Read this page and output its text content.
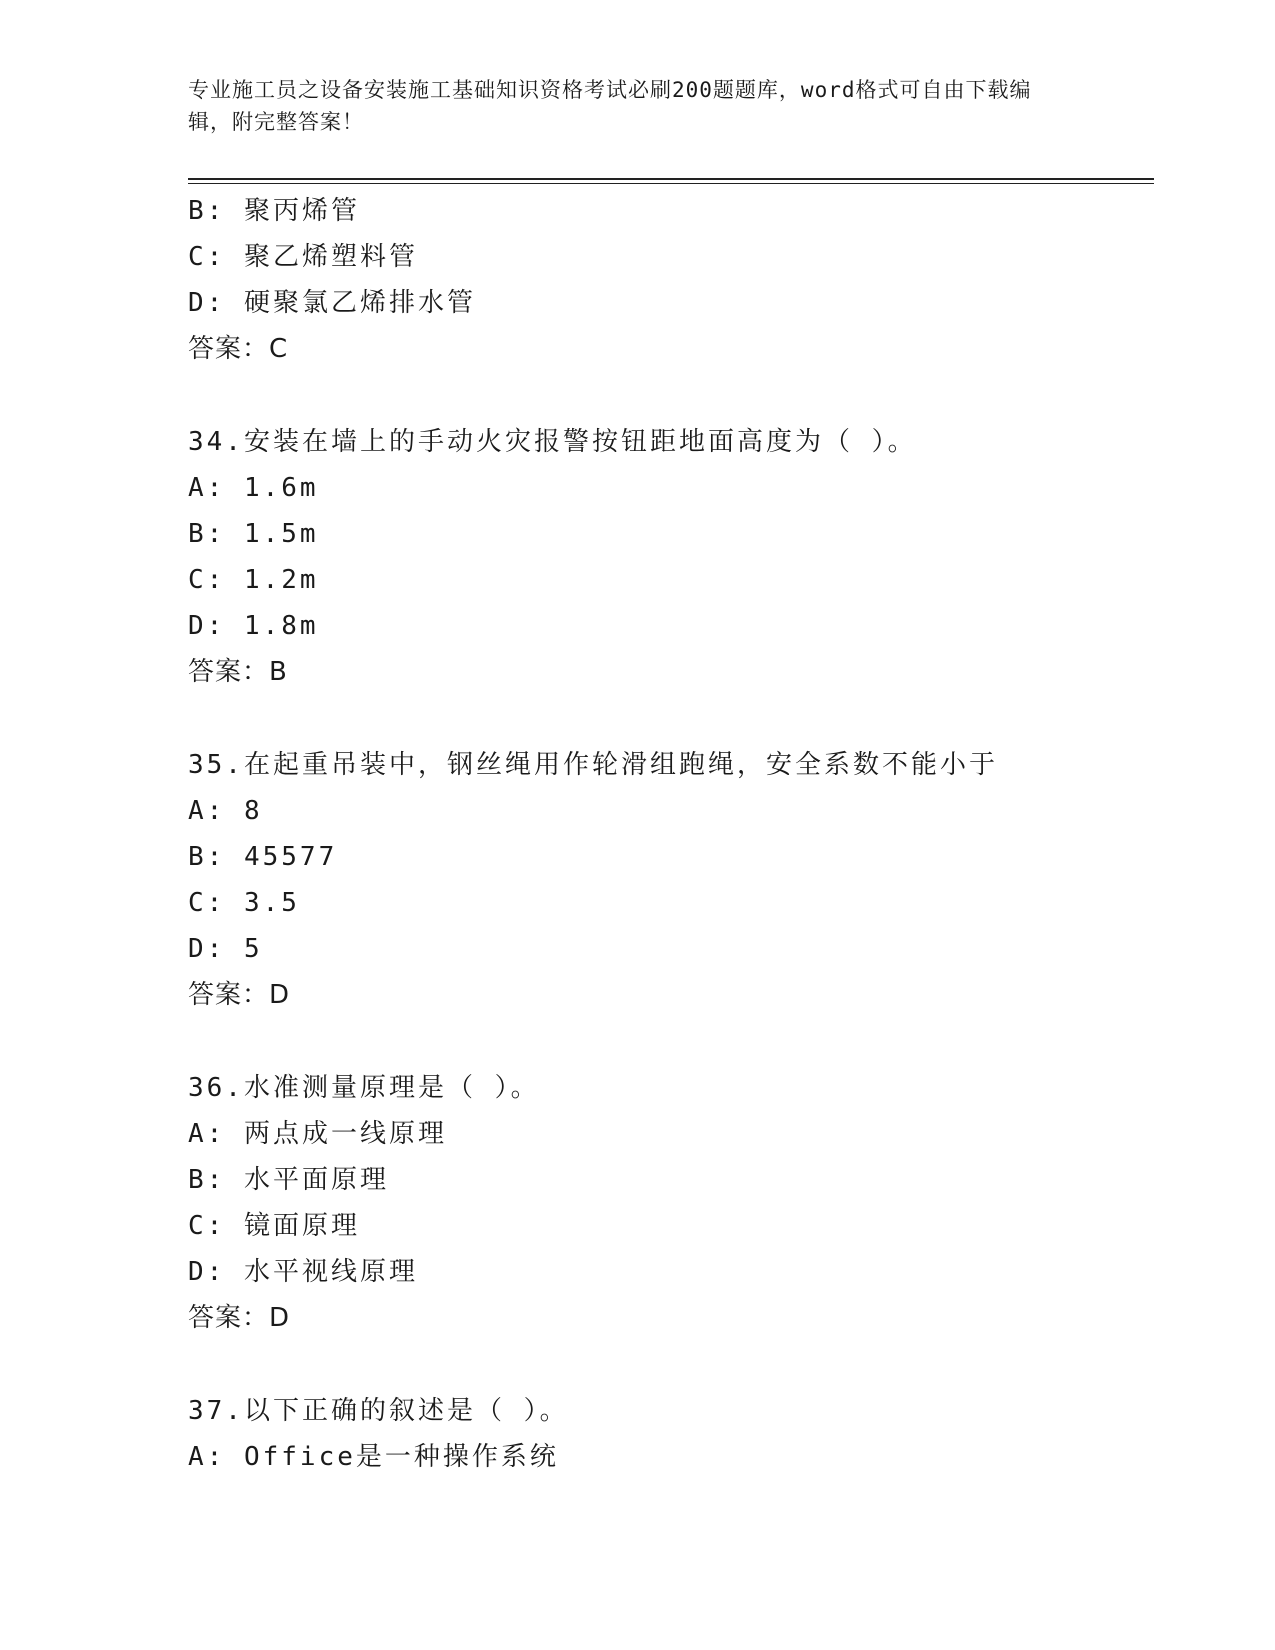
专业施工员之设备安装施工基础知识资格考试必刷200题题库，word格式可自由下载编辑，附完整答案！
B: 聚丙烯管
C: 聚乙烯塑料管
D: 硬聚氯乙烯排水管
答案：C
34.安装在墙上的手动火灾报警按钮距地面高度为（ ）。
A: 1.6m
B: 1.5m
C: 1.2m
D: 1.8m
答案：B
35.在起重吊装中，钢丝绳用作轮滑组跑绳，安全系数不能小于
A: 8
B: 45577
C: 3.5
D: 5
答案：D
36.水准测量原理是（ ）。
A: 两点成一线原理
B: 水平面原理
C: 镜面原理
D: 水平视线原理
答案：D
37.以下正确的叙述是（ ）。
A: Office是一种操作系统
